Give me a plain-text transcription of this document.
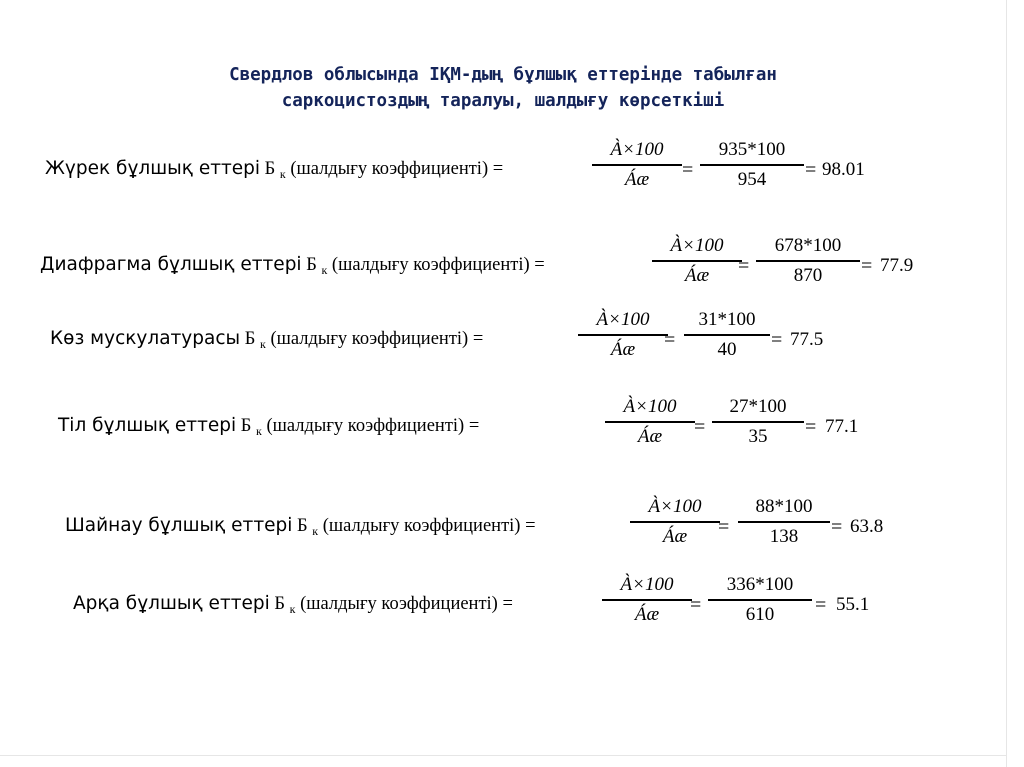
Свердлов облысында ІҚМ-дың бұлшық еттерінде табылған
саркоцистоздың таралуы, шалдығу көрсеткіші
Жүрек бұлшық еттері Б $_к$ (шалдығу коэффициенті) =
À×100
Áæ	=
935*100
954	= 98.01
Диафрагма бұлшық еттері Б $_к$ (шалдығу коэффициенті) =
À×100
Áæ	=
678*100
870	= 77.9
Көз мускулатурасы Б $_к$ (шалдығу коэффициенті) =
À×100
Áæ	=
31*100
40	= 77.5
Тіл бұлшық еттері Б $_к$ (шалдығу коэффициенті) =
À×100
Áæ	=
27*100
35	= 77.1
Шайнау бұлшық еттері Б $_к$ (шалдығу коэффициенті) =
À×100
Áæ	=
88*100
138	= 63.8
Арқа бұлшық еттері Б $_к$ (шалдығу коэффициенті) =
À×100
Áæ	=
336*100
610	= 55.1
